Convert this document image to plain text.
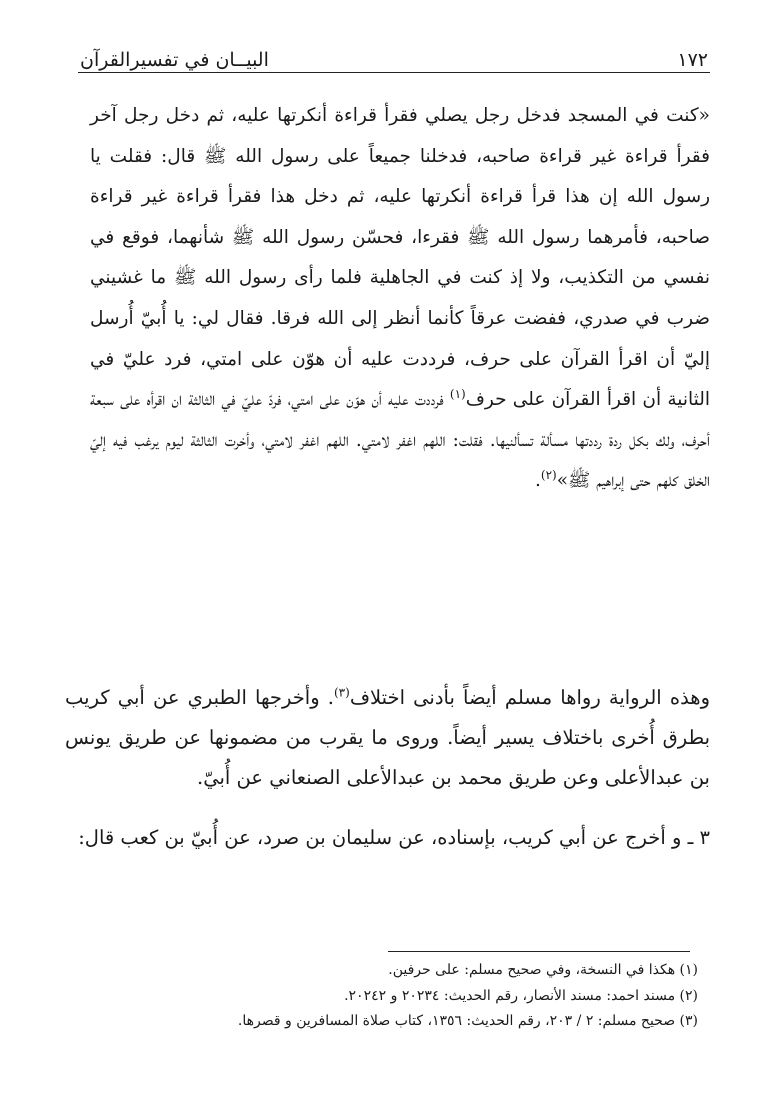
١٧٢
البيــان في تفسيرالقرآن

«كنت في المسجد فدخل رجل يصلي فقرأ قراءة أنكرتها عليه، ثم دخل رجل آخر فقرأ قراءة غير قراءة صاحبه، فدخلنا جميعاً على رسول الله ﷺ قال: فقلت يا رسول الله إن هذا قرأ قراءة أنكرتها عليه، ثم دخل هذا فقرأ قراءة غير قراءة صاحبه، فأمرهما رسول الله ﷺ فقرءا، فحسّن رسول الله ﷺ شأنهما، فوقع في نفسي من التكذيب، ولا إذ كنت في الجاهلية فلما رأى رسول الله ﷺ ما غشيني ضرب في صدري، ففضت عرقاً كأنما أنظر إلى الله فرقا. فقال لي: يا أُبيّ أُرسل إليّ أن اقرأ القرآن على حرف، فرددت عليه أن هوّن على امتي، فرد عليّ في الثانية أن اقرأ القرآن على حرف$^{(١)}$ فرددت عليه أن هوّن على امتي، فردّ عليّ في الثالثة ان اقرأه على سبعة أحرف، ولك بكل ردة رددتها مسألة تسألنيها. فقلت: اللهم اغفر لامتي. اللهم اغفر لامتي، وأخرت الثالثة ليوم يرغب فيه إليّ الخلق كلهم حتى إبراهيم ﷺ»$^{(٢)}$.

وهذه الرواية رواها مسلم أيضاً بأدنى اختلاف$^{(٣)}$. وأخرجها الطبري عن أبي كريب بطرق أُخرى باختلاف يسير أيضاً. وروى ما يقرب من مضمونها عن طريق يونس بن عبدالأعلى وعن طريق محمد بن عبدالأعلى الصنعاني عن أُبيّ.

٣ ـ و أخرج عن أبي كريب، بإسناده، عن سليمان بن صرد، عن أُبيّ بن كعب قال:

(١) هكذا في النسخة، وفي صحيح مسلم: على حرفين.

(٢) مسند احمد: مسند الأنصار، رقم الحديث: ٢٠٢٣٤ و ٢٠٢٤٢.

(٣) صحيح مسلم: ٢ / ٢٠٣، رقم الحديث: ١٣٥٦، كتاب صلاة المسافرين و قصرها.
